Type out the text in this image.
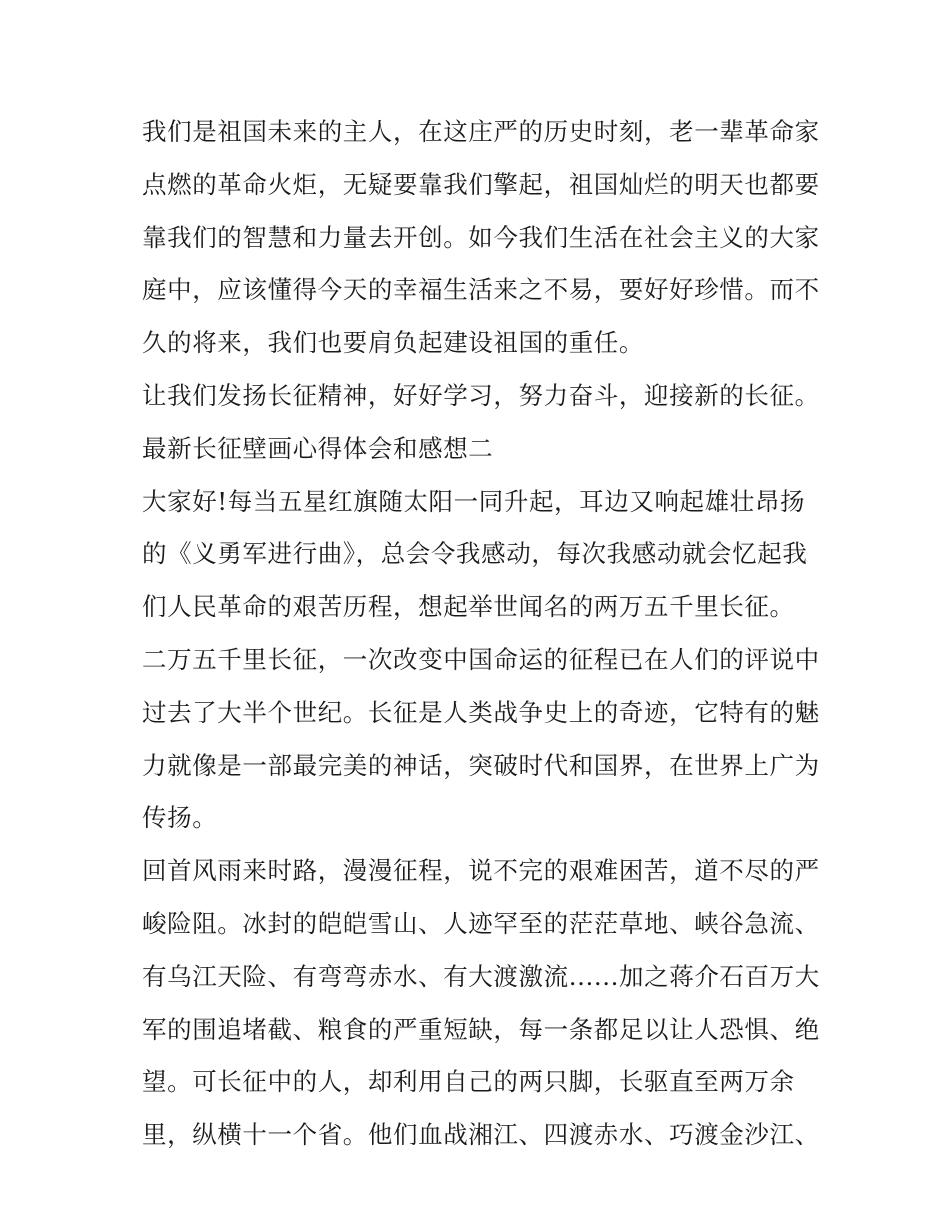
我们是祖国未来的主人，在这庄严的历史时刻，老一辈革命家
点燃的革命火炬，无疑要靠我们擎起，祖国灿烂的明天也都要
靠我们的智慧和力量去开创。如今我们生活在社会主义的大家
庭中，应该懂得今天的幸福生活来之不易，要好好珍惜。而不
久的将来，我们也要肩负起建设祖国的重任。
让我们发扬长征精神，好好学习，努力奋斗，迎接新的长征。
最新长征壁画心得体会和感想二
大家好!每当五星红旗随太阳一同升起，耳边又响起雄壮昂扬
的《义勇军进行曲》，总会令我感动，每次我感动就会忆起我
们人民革命的艰苦历程，想起举世闻名的两万五千里长征。
二万五千里长征，一次改变中国命运的征程已在人们的评说中
过去了大半个世纪。长征是人类战争史上的奇迹，它特有的魅
力就像是一部最完美的神话，突破时代和国界，在世界上广为
传扬。
回首风雨来时路，漫漫征程，说不完的艰难困苦，道不尽的严
峻险阻。冰封的皑皑雪山、人迹罕至的茫茫草地、峡谷急流、
有乌江天险、有弯弯赤水、有大渡激流......加之蒋介石百万大
军的围追堵截、粮食的严重短缺，每一条都足以让人恐惧、绝
望。可长征中的人，却利用自己的两只脚，长驱直至两万余
里，纵横十一个省。他们血战湘江、四渡赤水、巧渡金沙江、
